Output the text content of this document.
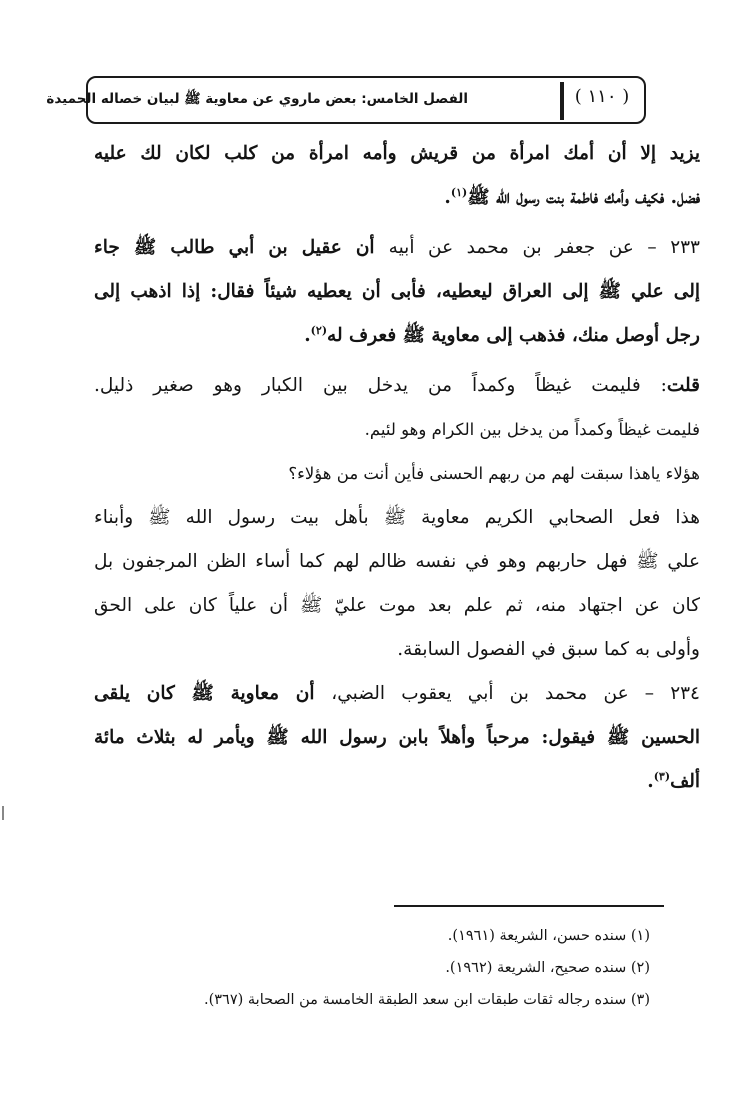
الفصل الخامس: بعض ماروي عن معاوية ﷺ لبيان خصاله الحميدة	( ١١٠ )
يزيد إلا أن أمك امرأة من قريش وأمه امرأة من كلب لكان لك عليه
فضل. فكيف وأمك فاطمة بنت رسول الله ﷺ$^{(١)}$.
٢٣٣ – عن جعفر بن محمد عن أبيه أن عقيل بن أبي طالب ﷺ جاء
إلى علي ﷺ إلى العراق ليعطيه، فأبى أن يعطيه شيئاً فقال: إذا اذهب إلى
رجل أوصل منك، فذهب إلى معاوية ﷺ فعرف له$^{(٢)}$.
قلت: فليمت غيظاً وكمداً من يدخل بين الكبار وهو صغير ذليل.
فليمت غيظاً وكمداً من يدخل بين الكرام وهو لئيم.
هؤلاء ياهذا سبقت لهم من ربهم الحسنى فأين أنت من هؤلاء؟
هذا فعل الصحابي الكريم معاوية ﷺ بأهل بيت رسول الله ﷺ وأبناء
علي ﷺ فهل حاربهم وهو في نفسه ظالم لهم كما أساء الظن المرجفون بل
كان عن اجتهاد منه، ثم علم بعد موت عليّ ﷺ أن علياً كان على الحق
وأولى به كما سبق في الفصول السابقة.
٢٣٤ – عن محمد بن أبي يعقوب الضبي، أن معاوية ﷺ كان يلقى
الحسين ﷺ فيقول: مرحباً وأهلاً بابن رسول الله ﷺ ويأمر له بثلاث مائة
ألف$^{(٣)}$.
(١) سنده حسن، الشريعة (١٩٦١).
(٢) سنده صحيح، الشريعة (١٩٦٢).
(٣) سنده رجاله ثقات طبقات ابن سعد الطبقة الخامسة من الصحابة (٣٦٧).
